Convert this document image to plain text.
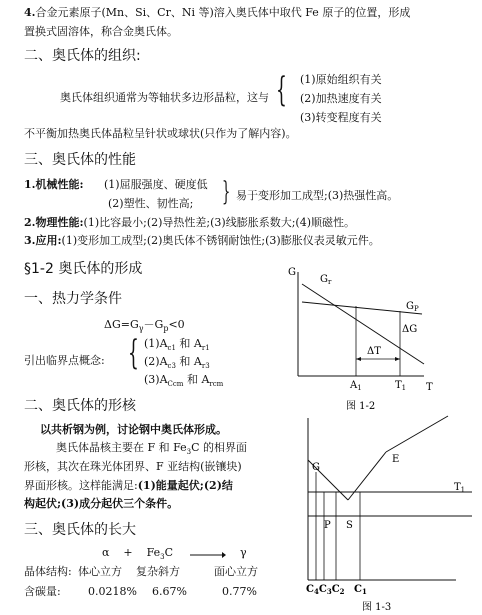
4.合金元素原子(Mn、Si、Cr、Ni 等)溶入奥氏体中取代 Fe 原子的位置，形成
置换式固溶体，称合金奥氏体。
二、奥氏体的组织:
奥氏体组织通常为等轴状多边形晶粒，这与 { (1)原始组织有关
(2)加热速度有关
(3)转变程度有关
不平衡加热奥氏体晶粒呈针状或球状(只作为了解内容)。
三、奥氏体的性能
1.机械性能: (1)屈服强度、硬度低
(2)塑性、韧性高; } 易于变形加工成型;(3)热强性高。
2.物理性能:(1)比容最小;(2)导热性差;(3)线膨胀系数大;(4)顺磁性。
3.应用:(1)变形加工成型;(2)奥氏体不锈钢耐蚀性;(3)膨胀仪表灵敏元件。
§1-2 奥氏体的形成
一、热力学条件
$\Delta G=G_\gamma-G_p<0$
引出临界点概念: { $(1)A_{c1}$ 和 $A_{r1}$
$(2)A_{c3}$ 和 $A_{r3}$
$(3)A_{Ccm}$ 和 $A_{rcm}$
二、奥氏体的形核
以共析钢为例，讨论钢中奥氏体形成。
奥氏体晶核主要在 F 和 $Fe_3C$ 的相界面
形核，其次在珠光体团界、F 亚结构(嵌镶块)
界面形核。这样能满足:(1)能量起伏;(2)结
构起伏;(3)成分起伏三个条件。
三、奥氏体的长大
α    +    $Fe_3C \to \gamma$
晶体结构: 体心立方 复杂斜方	面心立方
含碳量: 0.0218% 6.67%	0.77%
G
$G_r$
$G_P$
ΔG
ΔT
$A_1$	$T_1$ T
图 1-2
G
E
$T_1$
P S
$C_4C_3C_2$ $C_1$
图 1-3
